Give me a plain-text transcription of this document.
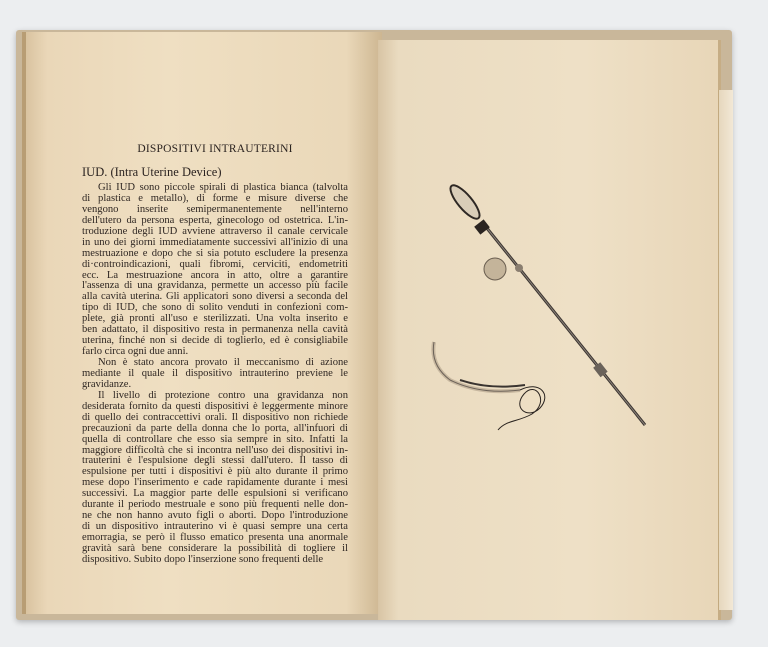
DISPOSITIVI INTRAUTERINI
IUD. (Intra Uterine Device)
Gli IUD sono piccole spirali di plastica bianca (talvolta
di plastica e metallo), di forme e misure diverse che
vengono inserite semipermanentemente nell'interno
dell'utero da persona esperta, ginecologo od ostetrica. L'in-
troduzione degli IUD avviene attraverso il canale cervicale
in uno dei giorni immediatamente successivi all'inizio di una
mestruazione e dopo che si sia potuto escludere la presenza
di·controindicazioni, quali fibromi, cerviciti, endometriti
ecc. La mestruazione ancora in atto, oltre a garantire
l'assenza di una gravidanza, permette un accesso più facile
alla cavità uterina. Gli applicatori sono diversi a seconda del
tipo di IUD, che sono di solito venduti in confezioni com-
plete, già pronti all'uso e sterilizzati. Una volta inserito e
ben adattato, il dispositivo resta in permanenza nella cavità
uterina, finché non si decide di toglierlo, ed è consigliabile
farlo circa ogni due anni.
Non è stato ancora provato il meccanismo di azione
mediante il quale il dispositivo intrauterino previene le
gravidanze.
Il livello di protezione contro una gravidanza non
desiderata fornito da questi dispositivi è leggermente minore
di quello dei contraccettivi orali. Il dispositivo non richiede
precauzioni da parte della donna che lo porta, all'infuori di
quella di controllare che esso sia sempre in sito. Infatti la
maggiore difficoltà che si incontra nell'uso dei dispositivi in-
trauterini è l'espulsione degli stessi dall'utero. Il tasso di
espulsione per tutti i dispositivi è più alto durante il primo
mese dopo l'inserimento e cade rapidamente durante i mesi
successivi. La maggior parte delle espulsioni si verificano
durante il periodo mestruale e sono più frequenti nelle don-
ne che non hanno avuto figli o aborti. Dopo l'introduzione
di un dispositivo intrauterino vi è quasi sempre una certa
emorragia, se però il flusso ematico presenta una anormale
gravità sarà bene considerare la possibilità di togliere il
dispositivo. Subito dopo l'inserzione sono frequenti delle
